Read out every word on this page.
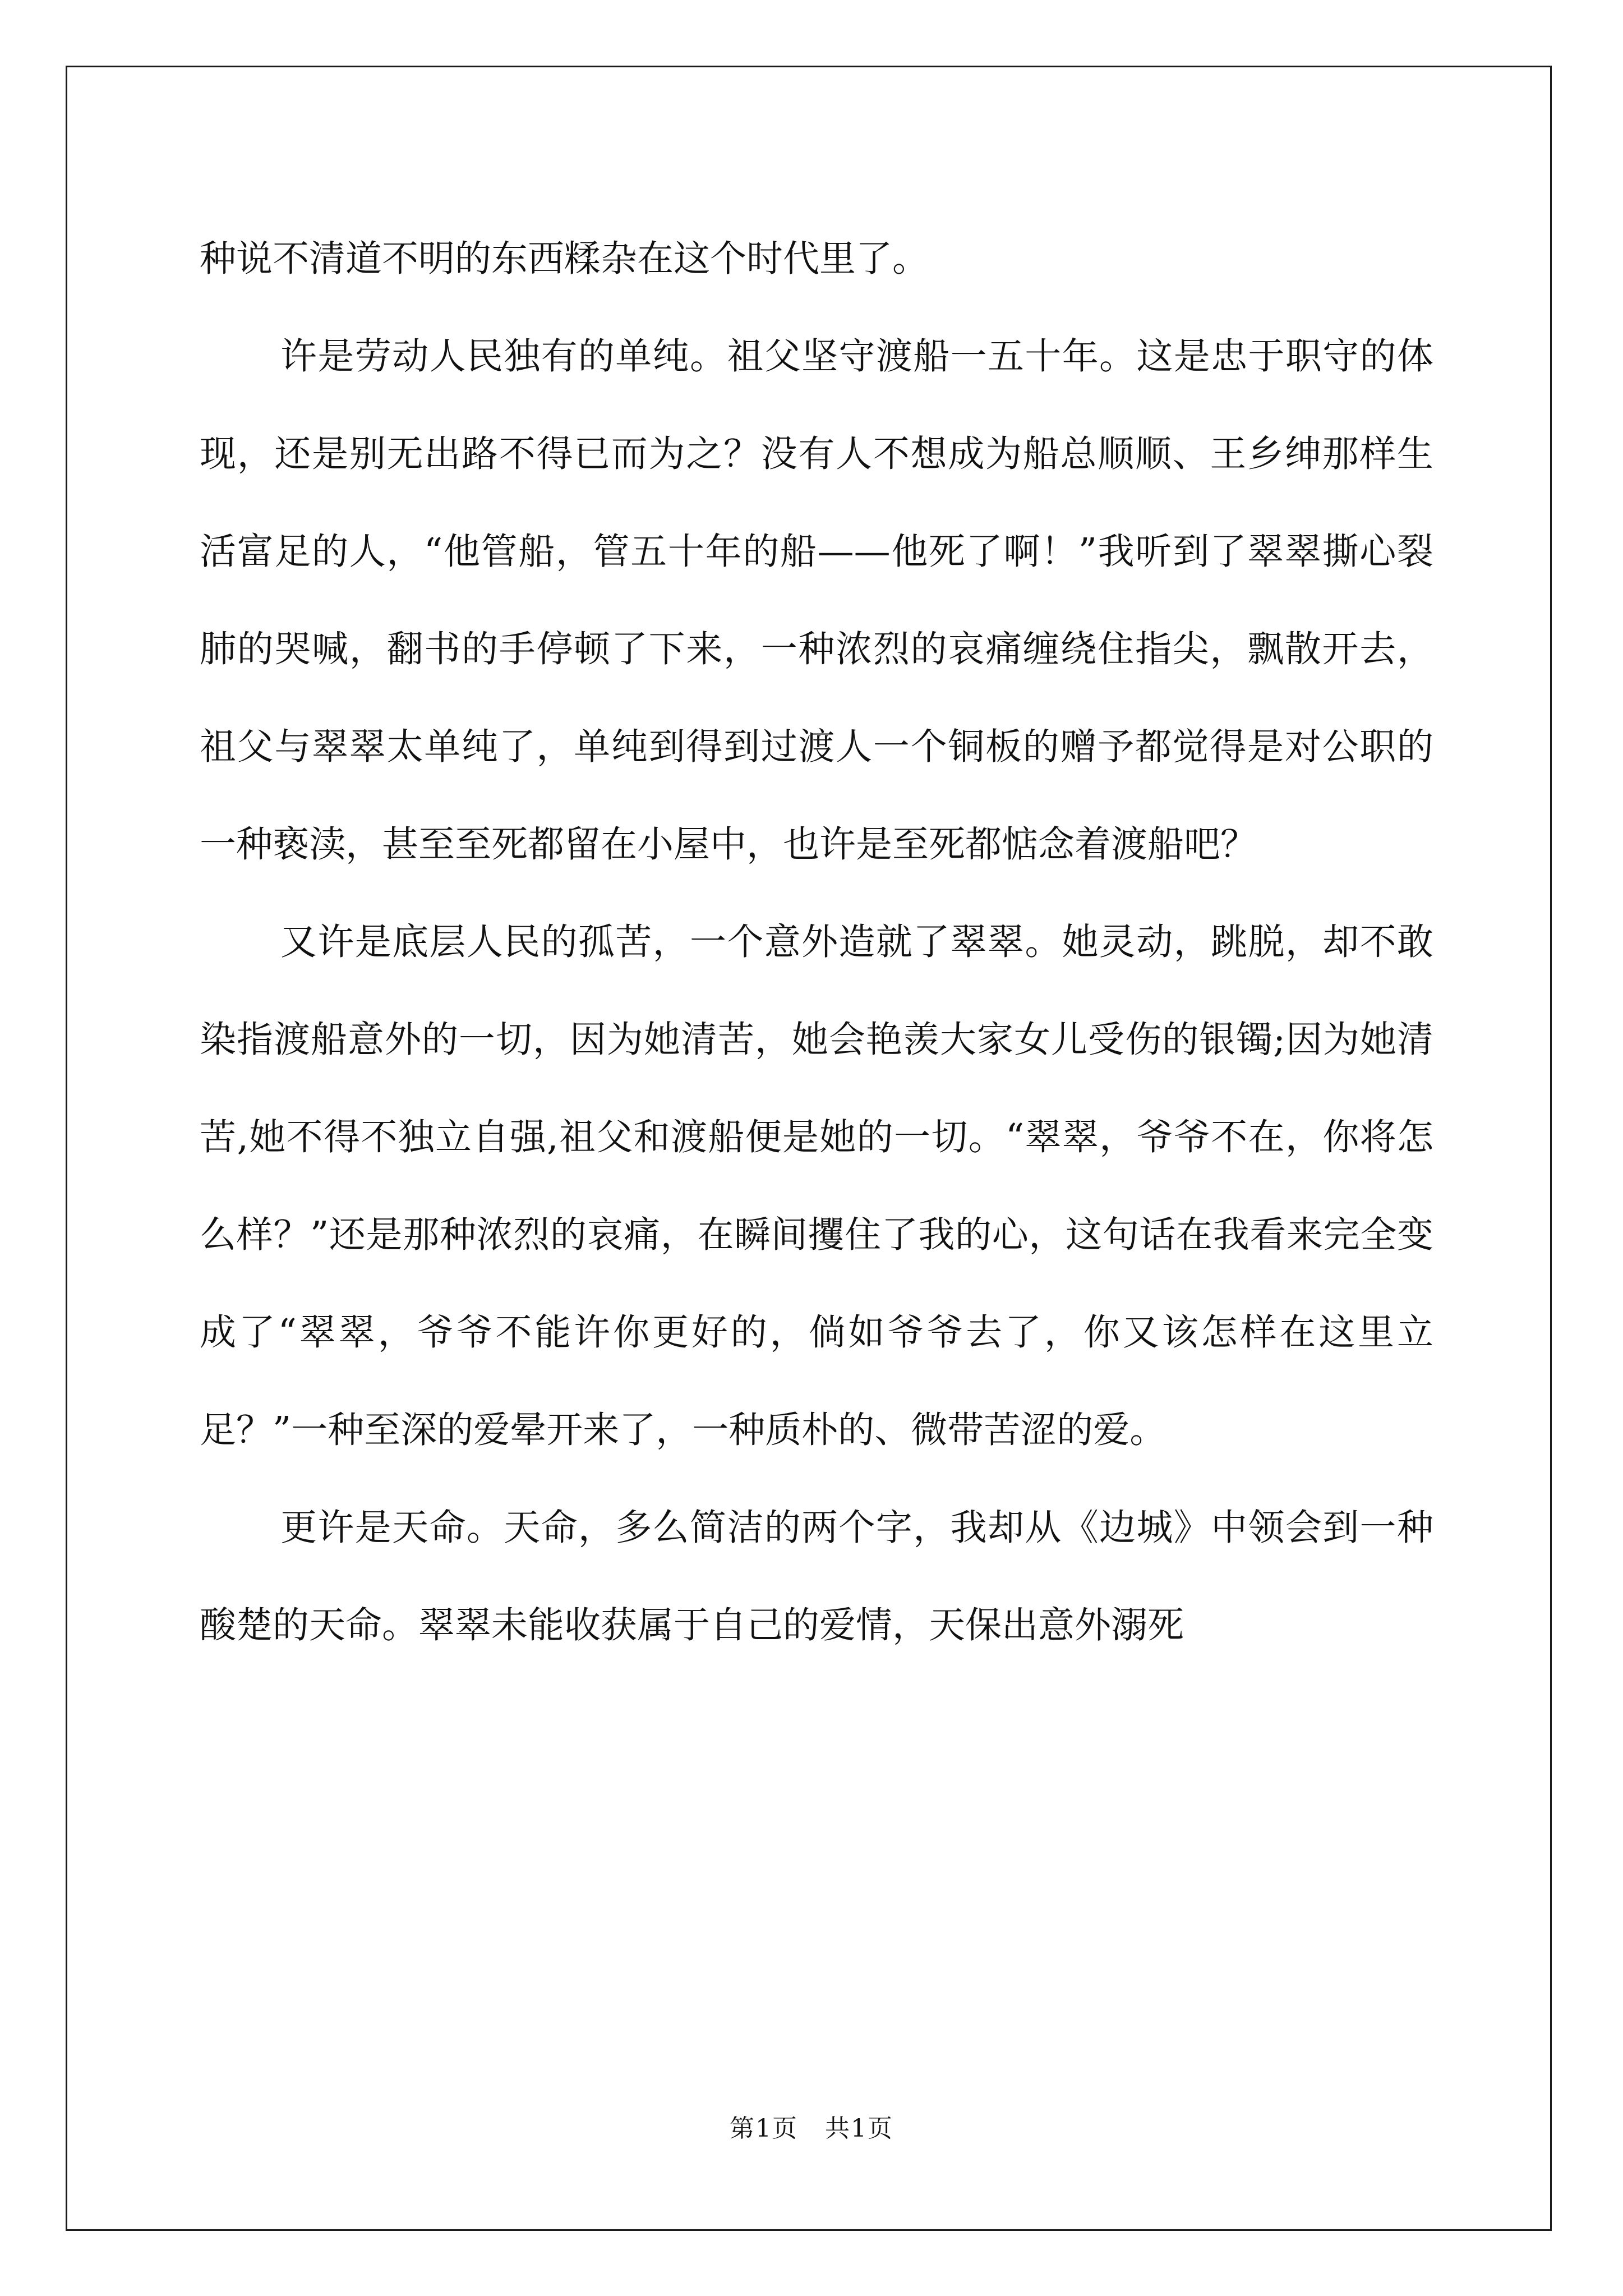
种说不清道不明的东西糅杂在这个时代里了。

许是劳动人民独有的单纯。祖父坚守渡船一五十年。这是忠于职守的体现，还是别无出路不得已而为之？没有人不想成为船总顺顺、王乡绅那样生活富足的人，“他管船，管五十年的船——他死了啊！”我听到了翠翠撕心裂肺的哭喊，翻书的手停顿了下来，一种浓烈的哀痛缠绕住指尖，飘散开去，祖父与翠翠太单纯了，单纯到得到过渡人一个铜板的赠予都觉得是对公职的一种亵渎，甚至至死都留在小屋中，也许是至死都惦念着渡船吧？

又许是底层人民的孤苦，一个意外造就了翠翠。她灵动，跳脱，却不敢染指渡船意外的一切，因为她清苦，她会艳羡大家女儿受伤的银镯;因为她清苦,她不得不独立自强,祖父和渡船便是她的一切。“翠翠，爷爷不在，你将怎么样？”还是那种浓烈的哀痛，在瞬间攫住了我的心，这句话在我看来完全变成了“翠翠，爷爷不能许你更好的，倘如爷爷去了，你又该怎样在这里立足？”一种至深的爱晕开来了，一种质朴的、微带苦涩的爱。

更许是天命。天命，多么简洁的两个字，我却从《边城》中领会到一种酸楚的天命。翠翠未能收获属于自己的爱情，天保出意外溺死

第1页 共1页
